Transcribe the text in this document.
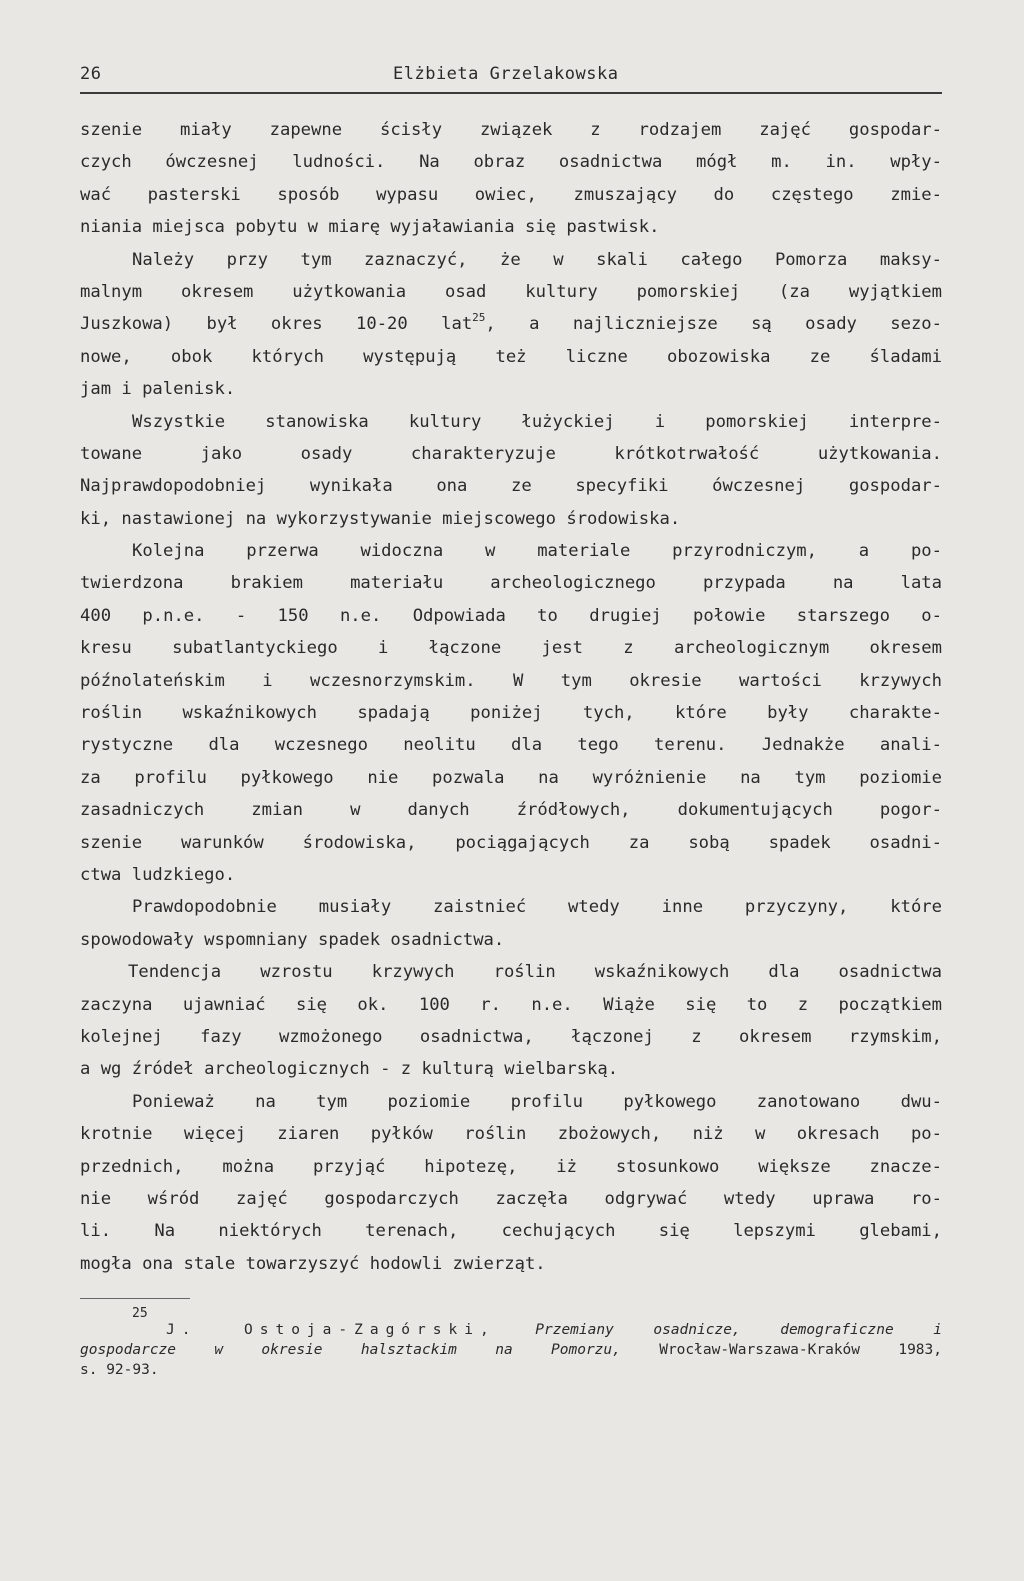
26	Elżbieta Grzelakowska
szenie miały zapewne ścisły związek z rodzajem zajęć gospodar-
czych ówczesnej ludności. Na obraz osadnictwa mógł m. in. wpły-
wać pasterski sposób wypasu owiec, zmuszający do częstego zmie-
niania miejsca pobytu w miarę wyjaławiania się pastwisk.
Należy przy tym zaznaczyć, że w skali całego Pomorza maksy-
malnym okresem użytkowania osad kultury pomorskiej (za wyjątkiem
Juszkowa) był okres 10-20 lat$^{25}$, a najliczniejsze są osady sezo-
nowe, obok których występują też liczne obozowiska ze śladami
jam i palenisk.
Wszystkie stanowiska kultury łużyckiej i pomorskiej interpre-
towane jako osady charakteryzuje krótkotrwałość użytkowania.
Najprawdopodobniej wynikała ona ze specyfiki ówczesnej gospodar-
ki, nastawionej na wykorzystywanie miejscowego środowiska.
Kolejna przerwa widoczna w materiale przyrodniczym, a po-
twierdzona brakiem materiału archeologicznego przypada na lata
400 p.n.e. - 150 n.e. Odpowiada to drugiej połowie starszego o-
kresu subatlantyckiego i łączone jest z archeologicznym okresem
późnolateńskim i wczesnorzymskim. W tym okresie wartości krzywych
roślin wskaźnikowych spadają poniżej tych, które były charakte-
rystyczne dla wczesnego neolitu dla tego terenu. Jednakże anali-
za profilu pyłkowego nie pozwala na wyróżnienie na tym poziomie
zasadniczych zmian w danych źródłowych, dokumentujących pogor-
szenie warunków środowiska, pociągających za sobą spadek osadni-
ctwa ludzkiego.
Prawdopodobnie musiały zaistnieć wtedy inne przyczyny, które
spowodowały wspomniany spadek osadnictwa.
Tendencja wzrostu krzywych roślin wskaźnikowych dla osadnictwa
zaczyna ujawniać się ok. 100 r. n.e. Wiąże się to z początkiem
kolejnej fazy wzmożonego osadnictwa, łączonej z okresem rzymskim,
a wg źródeł archeologicznych - z kulturą wielbarską.
Ponieważ na tym poziomie profilu pyłkowego zanotowano dwu-
krotnie więcej ziaren pyłków roślin zbożowych, niż w okresach po-
przednich, można przyjąć hipotezę, iż stosunkowo większe znacze-
nie wśród zajęć gospodarczych zaczęła odgrywać wtedy uprawa ro-
li. Na niektórych terenach, cechujących się lepszymi glebami,
mogła ona stale towarzyszyć hodowli zwierząt.
25
J. Ostoja-Zagórski,	Przemiany osadnicze, demograficzne i
gospodarcze w okresie halsztackim na Pomorzu,	Wrocław-Warszawa-Kraków 1983,
s. 92-93.
